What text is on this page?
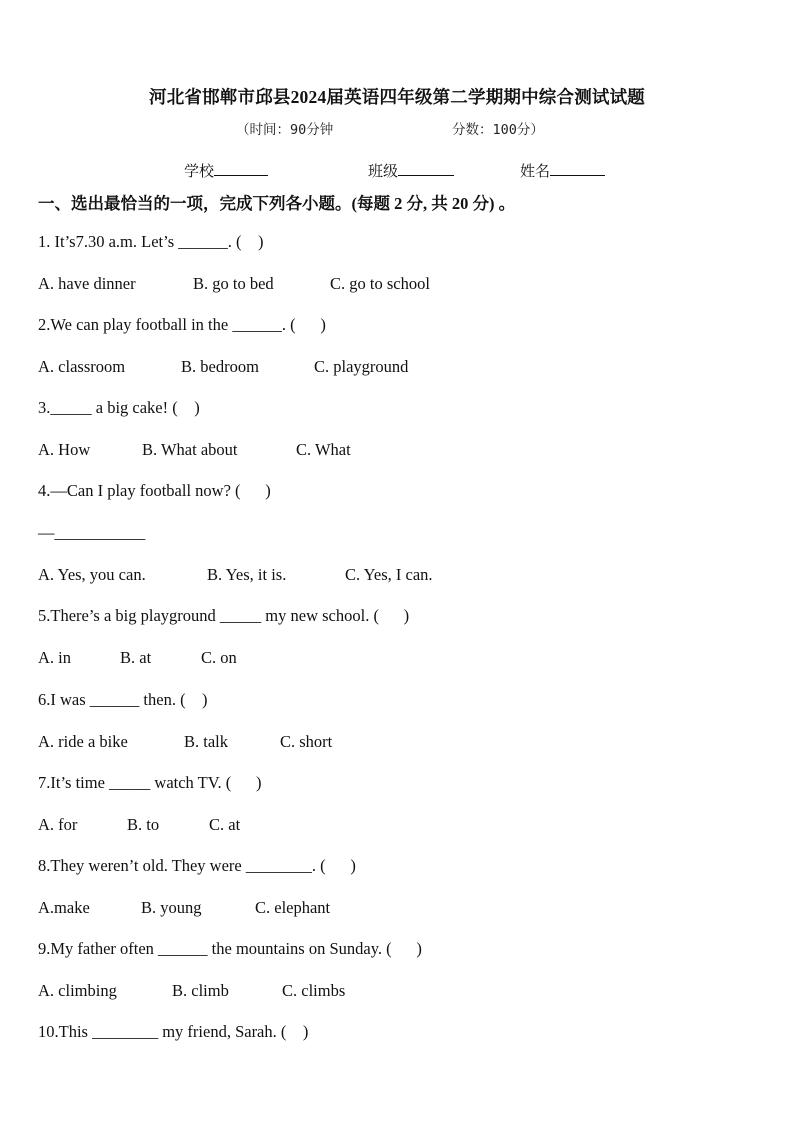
河北省邯郸市邱县2024届英语四年级第二学期期中综合测试试题
（时间：90分钟	分数：100分）
学校	班级	姓名
一、选出最恰当的一项，完成下列各小题。(每题 2 分, 共 20 分) 。
1. It’s7.30 a.m. Let’s ______. (    )
A. have dinner	B. go to bed	C. go to school
2.We can play football in the ______. (      )
A. classroom	B. bedroom	C. playground
3._____ a big cake! (    )
A. How	B. What about	C. What
4.—Can I play football now? (      )
—___________
A. Yes, you can.	B. Yes, it is.	C. Yes, I can.
5.There’s a big playground _____ my new school. (      )
A. in	B. at	C. on
6.I was ______ then. (    )
A. ride a bike	B. talk	C. short
7.It’s time _____ watch TV. (      )
A. for	B. to	C. at
8.They weren’t old. They were ________. (      )
A.make	B. young	C. elephant
9.My father often ______ the mountains on Sunday. (      )
A. climbing	B. climb	C. climbs
10.This ________ my friend, Sarah. (    )
